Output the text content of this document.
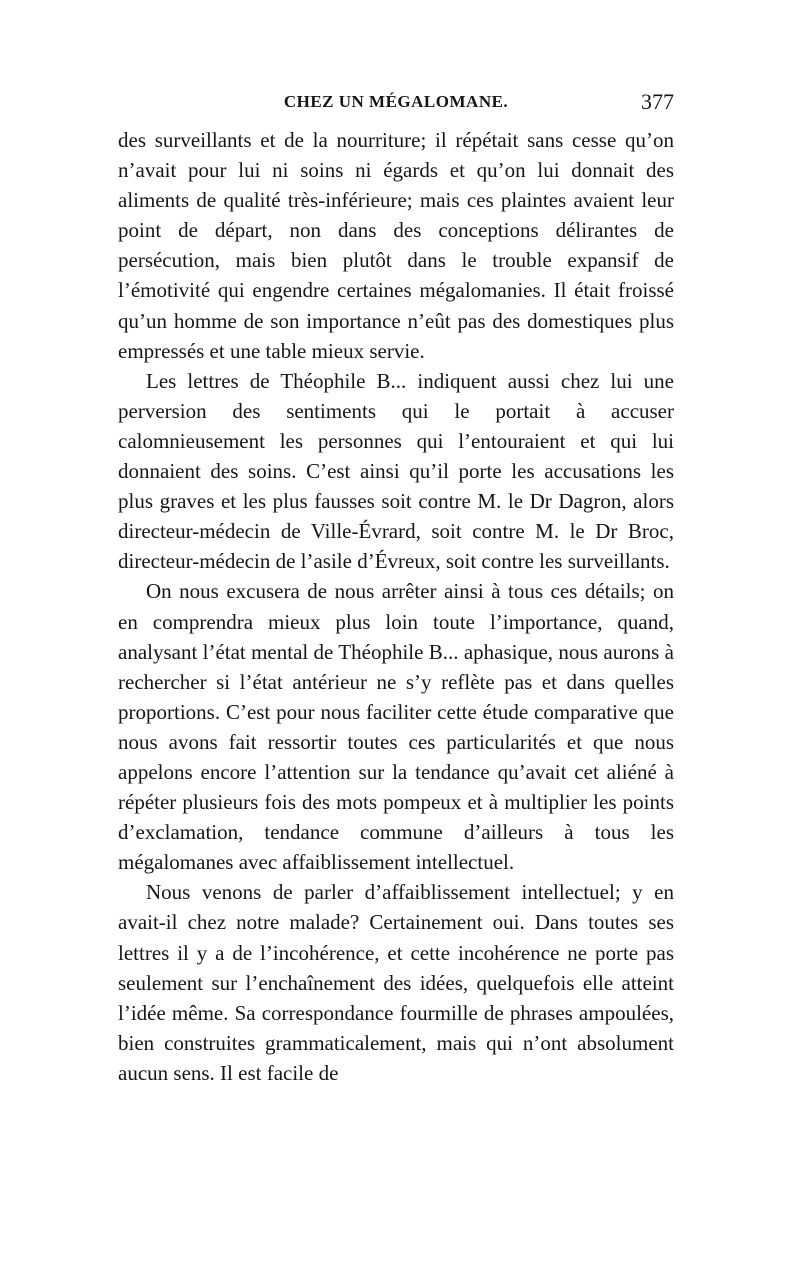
CHEZ UN MÉGALOMANE.	377

des surveillants et de la nourriture; il répétait sans cesse qu’on n’avait pour lui ni soins ni égards et qu’on lui donnait des aliments de qualité très-inférieure; mais ces plaintes avaient leur point de départ, non dans des conceptions délirantes de persécution, mais bien plutôt dans le trouble expansif de l’émotivité qui engendre certaines mégalomanies. Il était froissé qu’un homme de son importance n’eût pas des domestiques plus empressés et une table mieux servie.

Les lettres de Théophile B... indiquent aussi chez lui une perversion des sentiments qui le portait à accuser calomnieusement les personnes qui l’entouraient et qui lui donnaient des soins. C’est ainsi qu’il porte les accusations les plus graves et les plus fausses soit contre M. le Dr Dagron, alors directeur-médecin de Ville-Évrard, soit contre M. le Dr Broc, directeur-médecin de l’asile d’Évreux, soit contre les surveillants.

On nous excusera de nous arrêter ainsi à tous ces détails; on en comprendra mieux plus loin toute l’importance, quand, analysant l’état mental de Théophile B... aphasique, nous aurons à rechercher si l’état antérieur ne s’y reflète pas et dans quelles proportions. C’est pour nous faciliter cette étude comparative que nous avons fait ressortir toutes ces particularités et que nous appelons encore l’attention sur la tendance qu’avait cet aliéné à répéter plusieurs fois des mots pompeux et à multiplier les points d’exclamation, tendance commune d’ailleurs à tous les mégalomanes avec affaiblissement intellectuel.

Nous venons de parler d’affaiblissement intellectuel; y en avait-il chez notre malade? Certainement oui. Dans toutes ses lettres il y a de l’incohérence, et cette incohérence ne porte pas seulement sur l’enchaînement des idées, quelquefois elle atteint l’idée même. Sa correspondance fourmille de phrases ampoulées, bien construites grammaticalement, mais qui n’ont absolument aucun sens. Il est facile de
